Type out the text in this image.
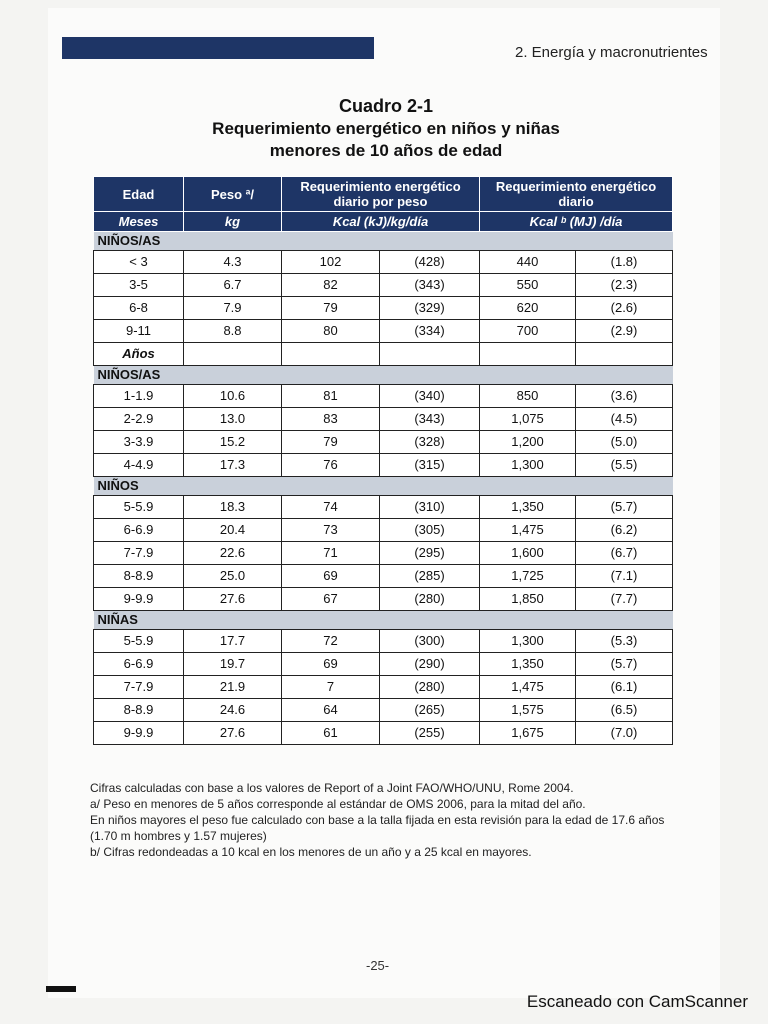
2. Energía y macronutrientes
Cuadro 2-1
Requerimiento energético en niños y niñas
menores de 10 años de edad
Edad	Peso ª/	Requerimiento energético diario por peso		Requerimiento energético diario	
Meses	kg	Kcal (kJ)/kg/día		Kcal ᵇ (MJ) /día	
NIÑOS/AS					
< 3	4.3	102	(428)	440	(1.8)
3-5	6.7	82	(343)	550	(2.3)
6-8	7.9	79	(329)	620	(2.6)
9-11	8.8	80	(334)	700	(2.9)
Años					
NIÑOS/AS					
1-1.9	10.6	81	(340)	850	(3.6)
2-2.9	13.0	83	(343)	1,075	(4.5)
3-3.9	15.2	79	(328)	1,200	(5.0)
4-4.9	17.3	76	(315)	1,300	(5.5)
NIÑOS					
5-5.9	18.3	74	(310)	1,350	(5.7)
6-6.9	20.4	73	(305)	1,475	(6.2)
7-7.9	22.6	71	(295)	1,600	(6.7)
8-8.9	25.0	69	(285)	1,725	(7.1)
9-9.9	27.6	67	(280)	1,850	(7.7)
NIÑAS					
5-5.9	17.7	72	(300)	1,300	(5.3)
6-6.9	19.7	69	(290)	1,350	(5.7)
7-7.9	21.9	7	(280)	1,475	(6.1)
8-8.9	24.6	64	(265)	1,575	(6.5)
9-9.9	27.6	61	(255)	1,675	(7.0)

Cifras calculadas con base a los valores de Report of a Joint FAO/WHO/UNU, Rome 2004.

a/ Peso en menores de 5 años corresponde al estándar de OMS 2006, para la mitad del año.

En niños mayores el peso fue calculado con base a la talla fijada en esta revisión para la edad de 17.6 años (1.70 m hombres y 1.57 mujeres)

b/ Cifras redondeadas a 10 kcal en los menores de un año y a 25 kcal en mayores.

-25-
Escaneado con CamScanner
